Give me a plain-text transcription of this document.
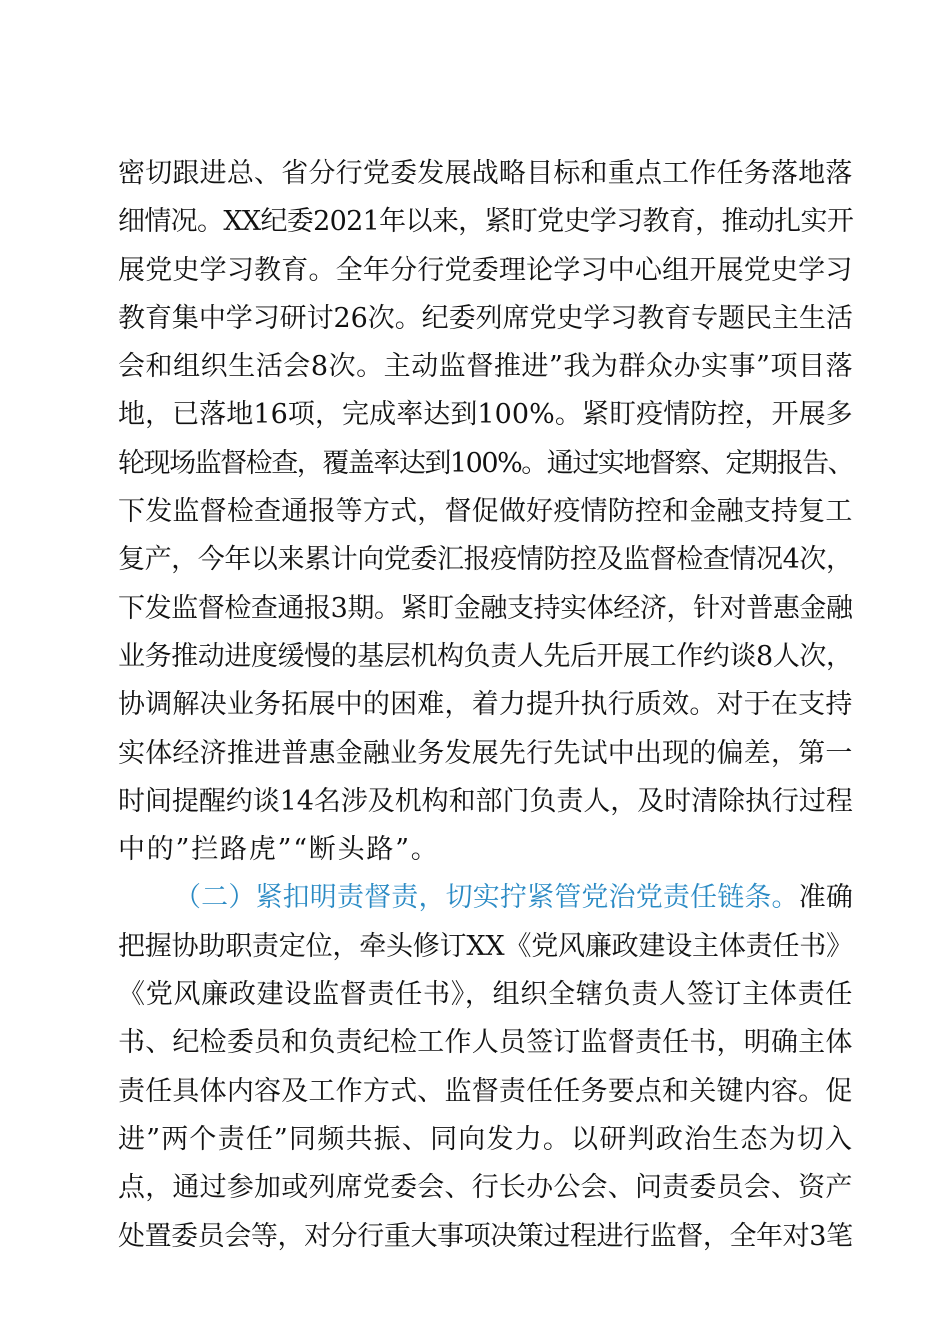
密切跟进总、省分行党委发展战略目标和重点工作任务落地落
细情况。XX纪委2021年以来，紧盯党史学习教育，推动扎实开
展党史学习教育。全年分行党委理论学习中心组开展党史学习
教育集中学习研讨26次。纪委列席党史学习教育专题民主生活
会和组织生活会8次。主动监督推进”我为群众办实事”项目落
地，已落地16项，完成率达到100%。紧盯疫情防控，开展多
轮现场监督检查，覆盖率达到100%。通过实地督察、定期报告、
下发监督检查通报等方式，督促做好疫情防控和金融支持复工
复产，今年以来累计向党委汇报疫情防控及监督检查情况4次，
下发监督检查通报3期。紧盯金融支持实体经济，针对普惠金融
业务推动进度缓慢的基层机构负责人先后开展工作约谈8人次，
协调解决业务拓展中的困难，着力提升执行质效。对于在支持
实体经济推进普惠金融业务发展先行先试中出现的偏差，第一
时间提醒约谈14名涉及机构和部门负责人，及时清除执行过程
中的”拦路虎”“断头路”。
（二）紧扣明责督责，切实拧紧管党治党责任链条。准确
把握协助职责定位，牵头修订XX《党风廉政建设主体责任书》
《党风廉政建设监督责任书》，组织全辖负责人签订主体责任
书、纪检委员和负责纪检工作人员签订监督责任书，明确主体
责任具体内容及工作方式、监督责任任务要点和关键内容。促
进”两个责任”同频共振、同向发力。以研判政治生态为切入
点，通过参加或列席党委会、行长办公会、问责委员会、资产
处置委员会等，对分行重大事项决策过程进行监督，全年对3笔
